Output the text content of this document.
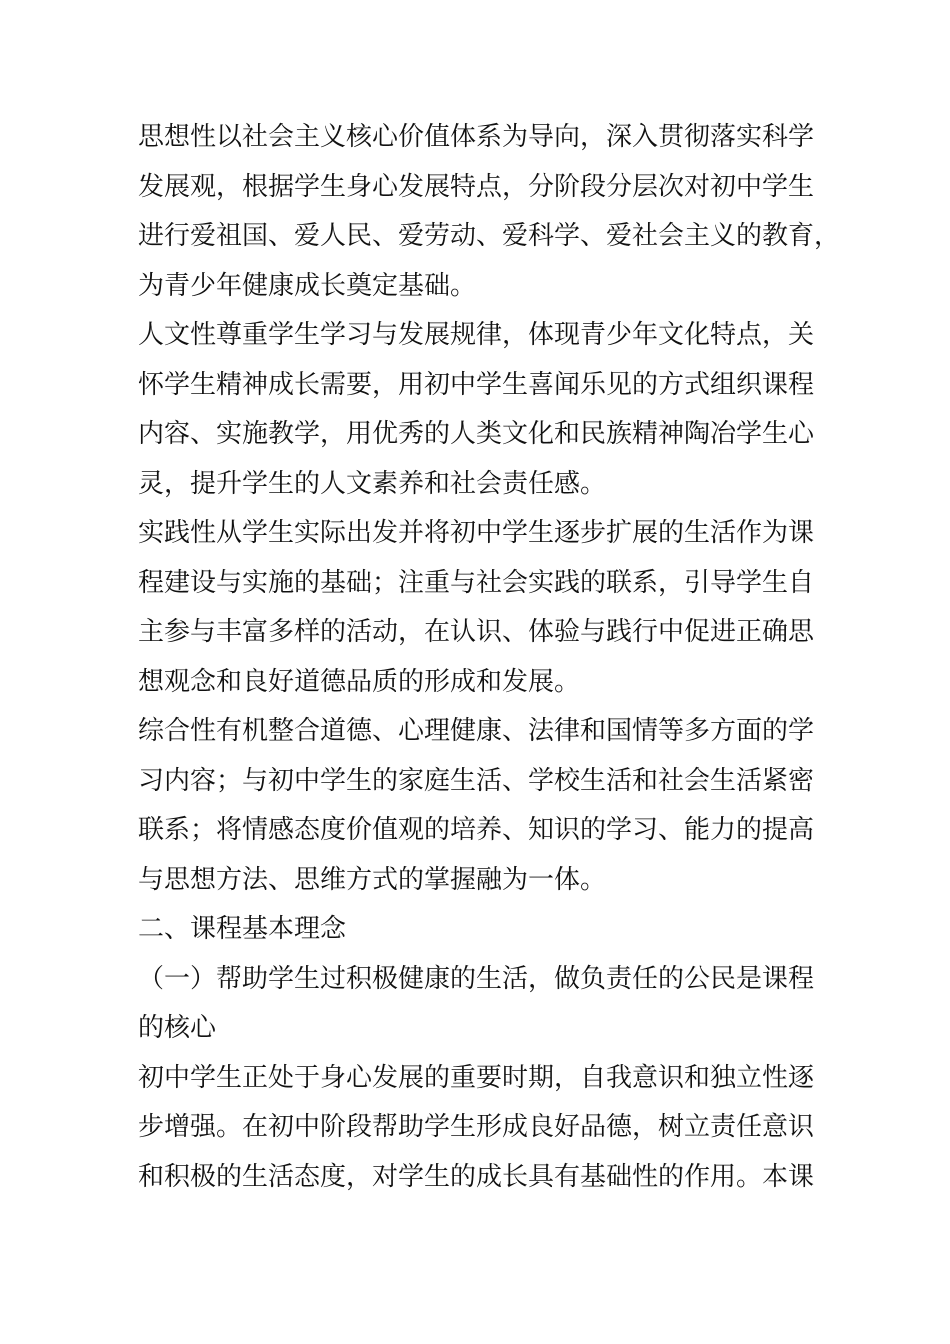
思想性以社会主义核心价值体系为导向，深入贯彻落实科学
发展观，根据学生身心发展特点，分阶段分层次对初中学生
进行爱祖国、爱人民、爱劳动、爱科学、爱社会主义的教育，
为青少年健康成长奠定基础。
人文性尊重学生学习与发展规律，体现青少年文化特点，关
怀学生精神成长需要，用初中学生喜闻乐见的方式组织课程
内容、实施教学，用优秀的人类文化和民族精神陶冶学生心
灵，提升学生的人文素养和社会责任感。
实践性从学生实际出发并将初中学生逐步扩展的生活作为课
程建设与实施的基础；注重与社会实践的联系，引导学生自
主参与丰富多样的活动，在认识、体验与践行中促进正确思
想观念和良好道德品质的形成和发展。
综合性有机整合道德、心理健康、法律和国情等多方面的学
习内容；与初中学生的家庭生活、学校生活和社会生活紧密
联系；将情感态度价值观的培养、知识的学习、能力的提高
与思想方法、思维方式的掌握融为一体。
二、课程基本理念
（一）帮助学生过积极健康的生活，做负责任的公民是课程
的核心
初中学生正处于身心发展的重要时期，自我意识和独立性逐
步增强。在初中阶段帮助学生形成良好品德，树立责任意识
和积极的生活态度，对学生的成长具有基础性的作用。本课
